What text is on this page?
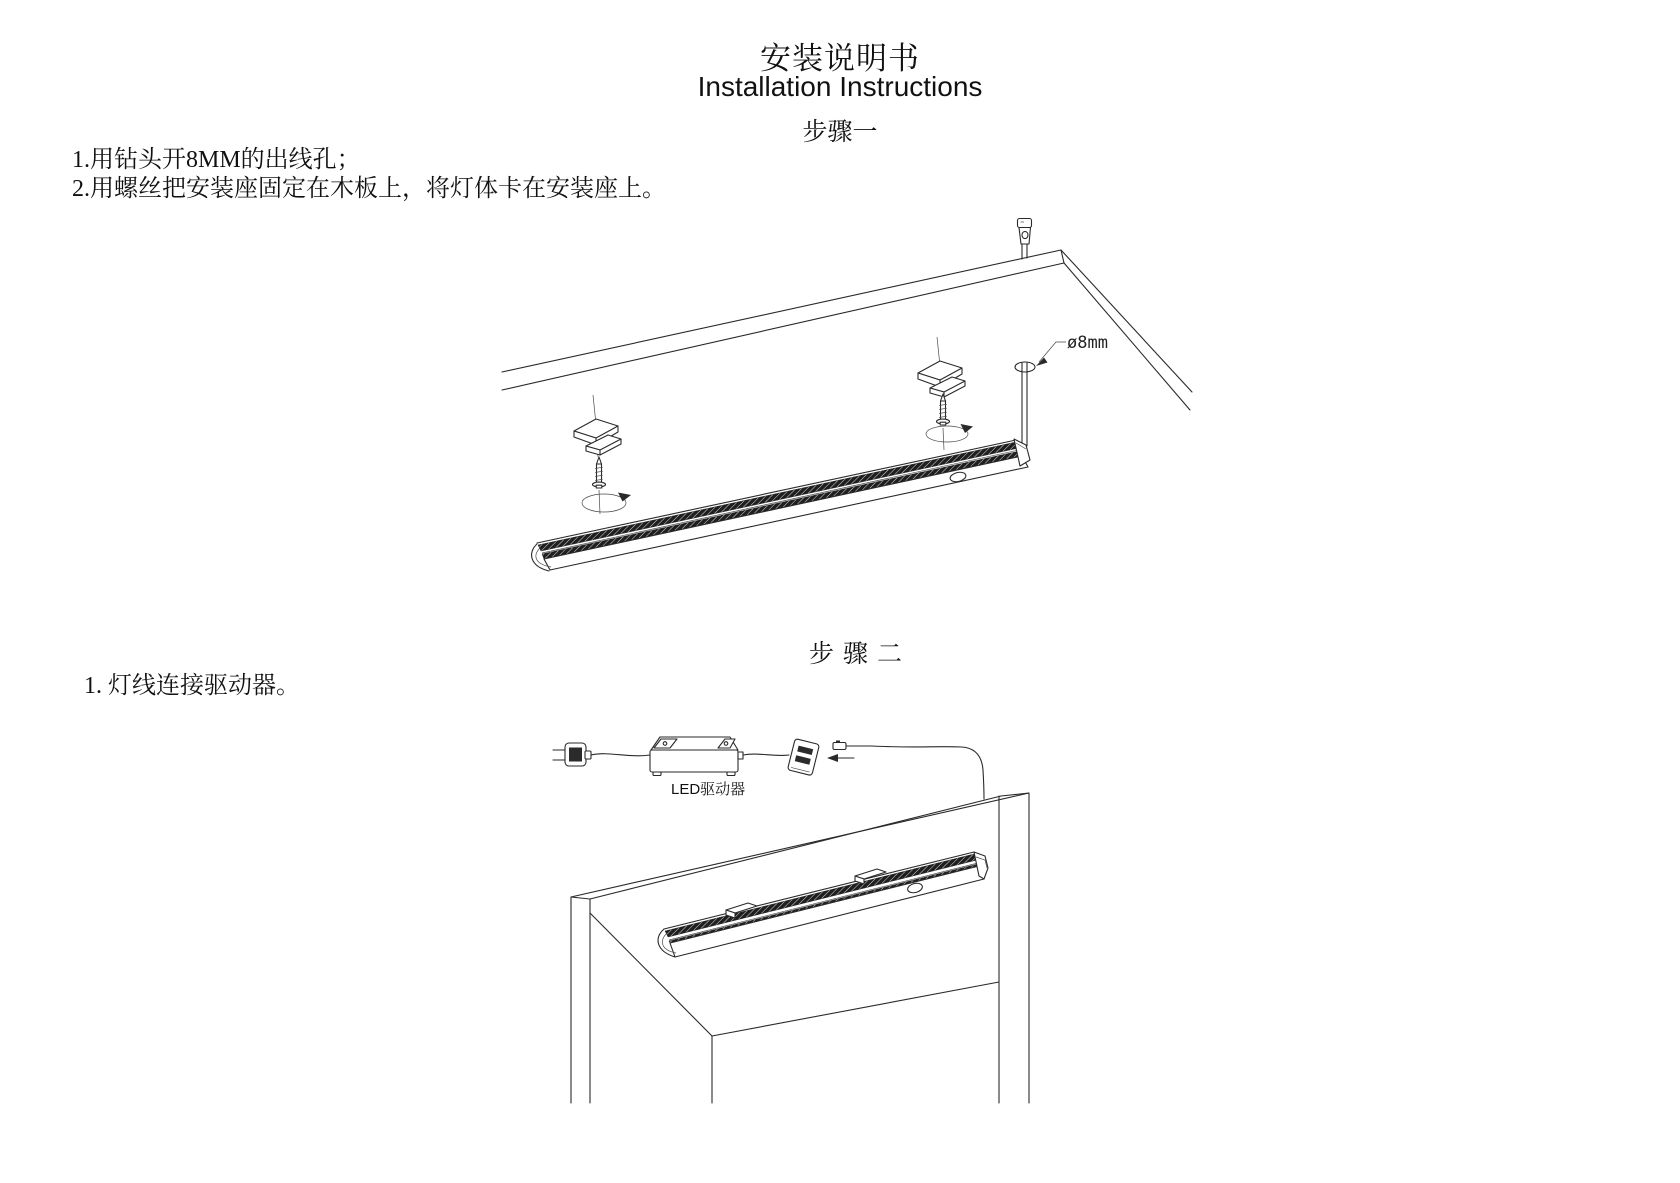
安装说明书
Installation Instructions
步骤一
1.用钻头开8MM的出线孔；
2.用螺丝把安装座固定在木板上，将灯体卡在安装座上。
ø8mm
步骤二
1. 灯线连接驱动器。
LED驱动器
